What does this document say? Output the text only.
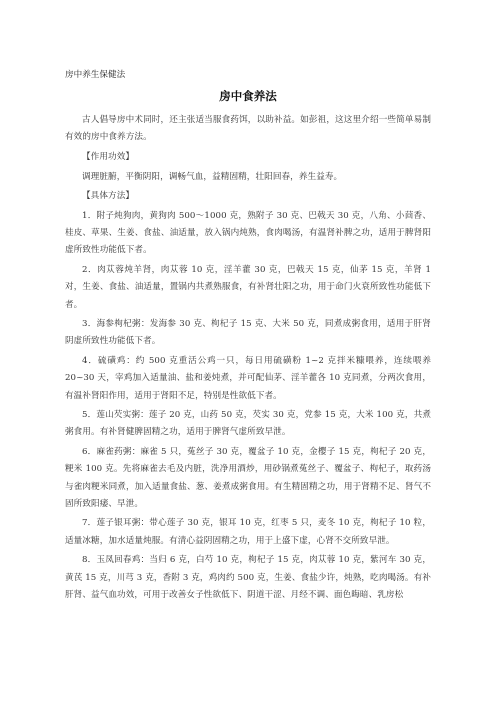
房中养生保健法
房中食养法

古人倡导房中术同时，还主张适当服食药饵，以助补益。如彭祖，这这里介绍一些简单易制有效的房中食养方法。

【作用功效】

调理脏腑，平衡阴阳，调畅气血，益精固精，壮阳回春，养生益寿。

【具体方法】

1．附子炖狗肉，黄狗肉 500～1000 克，熟附子 30 克、巴戟天 30 克，八角、小茴香、桂皮、草果、生姜、食盐、油适量，放入锅内炖熟，食肉喝汤，有温肾补脾之功，适用于脾肾阳虚所致性功能低下者。

2．肉苁蓉炖羊肾，肉苁蓉 10 克，淫羊藿 30 克，巴戟天 15 克，仙茅 15 克，羊肾 1 对，生姜、食盐、油适量，置锅内共煮熟服食，有补肾壮阳之功，用于命门火衰所致性功能低下者。

3．海参枸杞粥：发海参 30 克、枸杞子 15 克、大米 50 克，同煮成粥食用，适用于肝肾阴虚所致性功能低下者。

4．硫磺鸡：约 500 克重活公鸡一只，每日用硫磺粉 1~2 克拌米糠喂养，连续喂养 20~30 天，宰鸡加入适量油、盐和姜炖煮，并可配仙茅、淫羊藿各 10 克同煮，分两次食用，有温补肾阳作用，适用于肾阳不足，特别是性欲低下者。

5．莲山芡实粥：莲子 20 克，山药 50 克，芡实 30 克，党参 15 克，大米 100 克，共煮粥食用。有补肾健脾固精之功，适用于脾肾气虚所致早泄。

6．麻雀药粥：麻雀 5 只，菟丝子 30 克，覆盆子 10 克，金樱子 15 克，枸杞子 20 克，粳米 100 克。先将麻雀去毛及内脏，洗净用酒炒，用砂锅煮菟丝子、覆盆子、枸杞子，取药汤与雀肉粳米同煮，加入适量食盐、葱、姜煮成粥食用。有生精固精之功，用于肾精不足、肾气不固所致阳痿、早泄。

7．莲子银耳粥：带心莲子 30 克，银耳 10 克，红枣 5 只，麦冬 10 克，枸杞子 10 粒，适量冰糖，加水适量炖服。有清心益阴固精之功，用于上盛下虚，心肾不交所致早泄。

8．玉凤回春鸡：当归 6 克，白芍 10 克，枸杞子 15 克，肉苁蓉 10 克，紫河车 30 克，黄芪 15 克，川芎 3 克，香附 3 克，鸡肉约 500 克，生姜、食盐少许，炖熟，吃肉喝汤。有补肝肾、益气血功效，可用于改善女子性欲低下、阴道干涩、月经不调、面色晦暗、乳房松
